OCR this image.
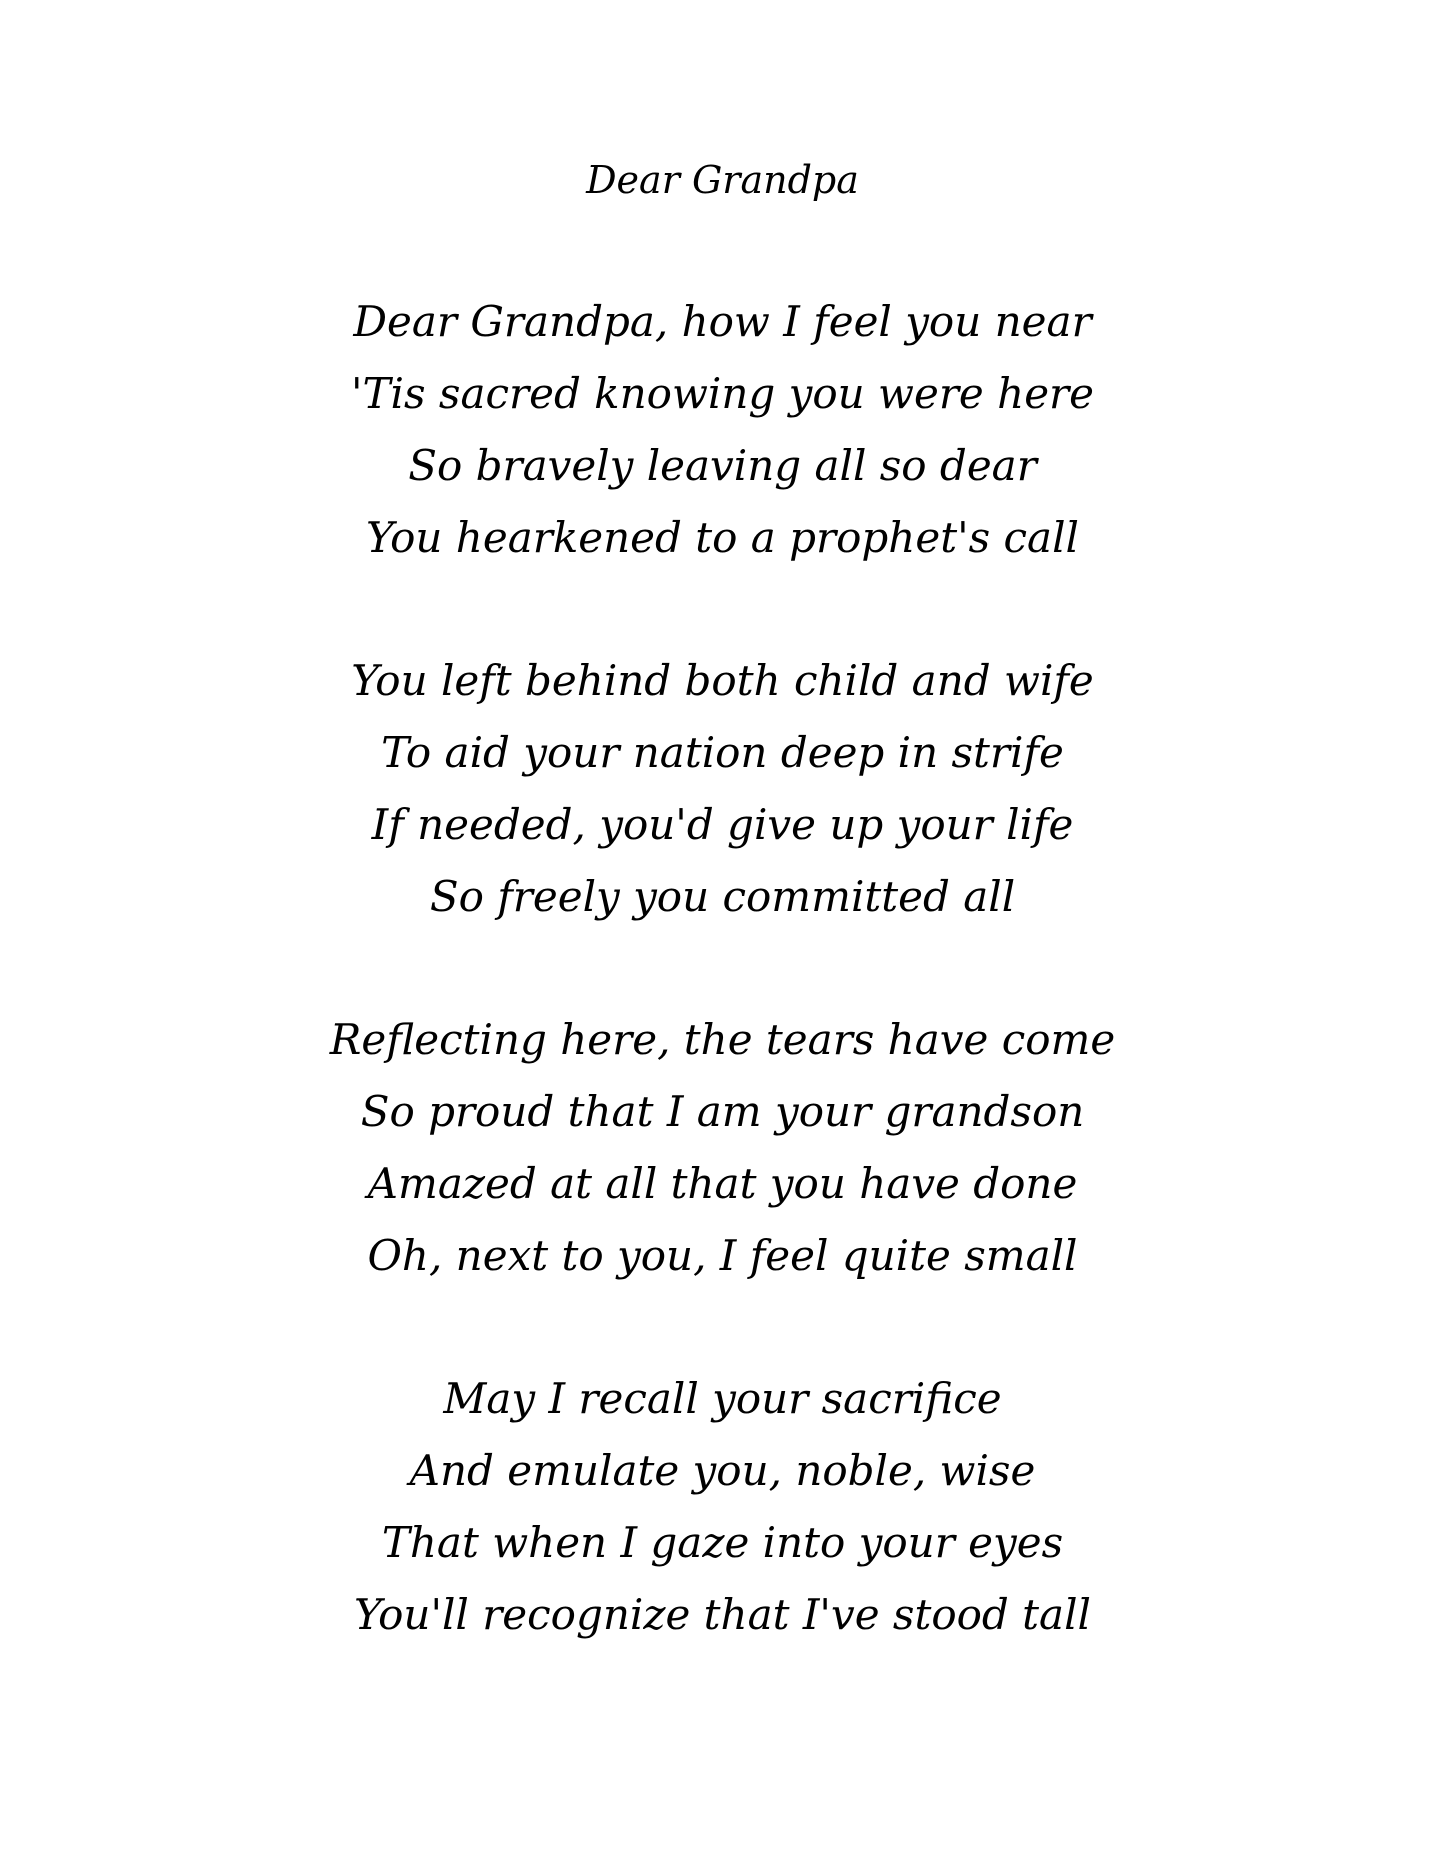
Dear Grandpa
Dear Grandpa, how I feel you near
'Tis sacred knowing you were here
So bravely leaving all so dear
You hearkened to a prophet's call
You left behind both child and wife
To aid your nation deep in strife
If needed, you'd give up your life
So freely you committed all
Reflecting here, the tears have come
So proud that I am your grandson
Amazed at all that you have done
Oh, next to you, I feel quite small
May I recall your sacrifice
And emulate you, noble, wise
That when I gaze into your eyes
You'll recognize that I've stood tall
